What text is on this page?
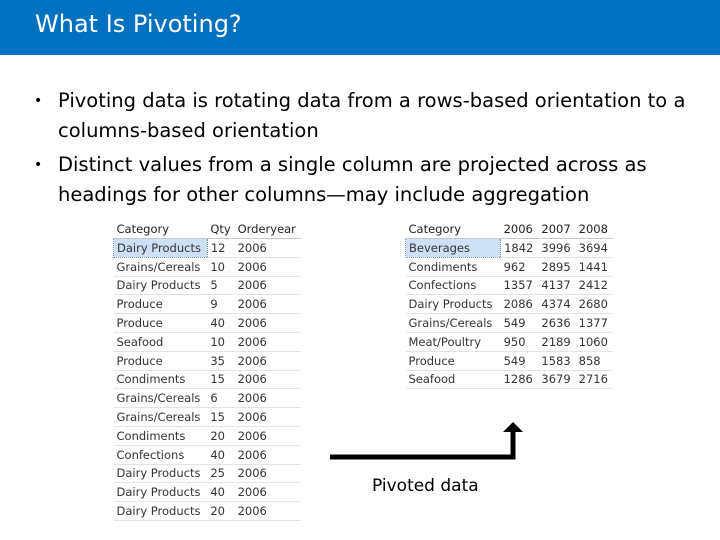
What Is Pivoting?
• Pivoting data is rotating data from a rows-based orientation to a columns-based orientation
• Distinct values from a single column are projected across as headings for other columns—may include aggregation
Category	Qty	Orderyear
Dairy Products	12	2006
Grains/Cereals	10	2006
Dairy Products	5	2006
Produce	9	2006
Produce	40	2006
Seafood	10	2006
Produce	35	2006
Condiments	15	2006
Grains/Cereals	6	2006
Grains/Cereals	15	2006
Condiments	20	2006
Confections	40	2006
Dairy Products	25	2006
Dairy Products	40	2006
Dairy Products	20	2006
Category	2006	2007	2008
Beverages	1842	3996	3694
Condiments	962	2895	1441
Confections	1357	4137	2412
Dairy Products	2086	4374	2680
Grains/Cereals	549	2636	1377
Meat/Poultry	950	2189	1060
Produce	549	1583	858
Seafood	1286	3679	2716
Pivoted data
